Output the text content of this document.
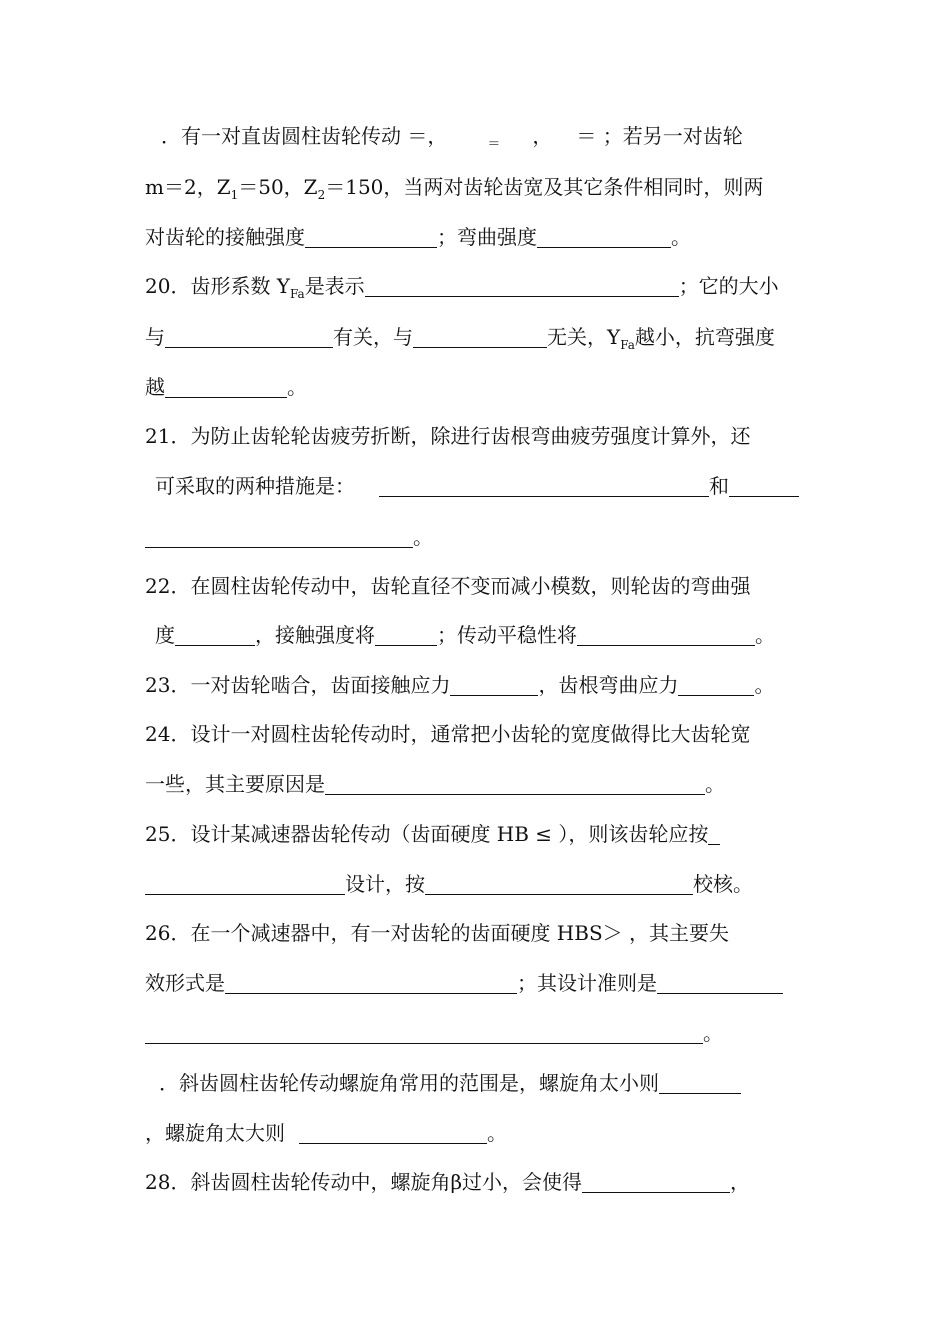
．有一对直齿圆柱齿轮传动 ＝，	$_=$ ， ＝ ；若另一对齿轮
m＝2，$Z_1=50$，$Z_2=150$，当两对齿轮齿宽及其它条件相同时，则两
对齿轮的接触强度	；弯曲强度	。
20．齿形系数 $Y_{Fa}$是表示	；它的大小
与	有关，与	无关，$Y_{Fa}$越小，抗弯强度
越	。
21．为防止齿轮轮齿疲劳折断，除进行齿根弯曲疲劳强度计算外，还
可采取的两种措施是：	和
。
22．在圆柱齿轮传动中，齿轮直径不变而减小模数，则轮齿的弯曲强
度	，接触强度将	；传动平稳性将	。
23．一对齿轮啮合，齿面接触应力	，齿根弯曲应力	。
24．设计一对圆柱齿轮传动时，通常把小齿轮的宽度做得比大齿轮宽
一些，其主要原因是	。
25．设计某减速器齿轮传动（齿面硬度 HB ≤ ），则该齿轮应按
设计，按	校核。
26．在一个减速器中，有一对齿轮的齿面硬度 HBS＞ ，其主要失
效形式是	；其设计准则是
。
．斜齿圆柱齿轮传动螺旋角常用的范围是，螺旋角太小则
，螺旋角太大则	。
28．斜齿圆柱齿轮传动中，螺旋角β过小，会使得	，
